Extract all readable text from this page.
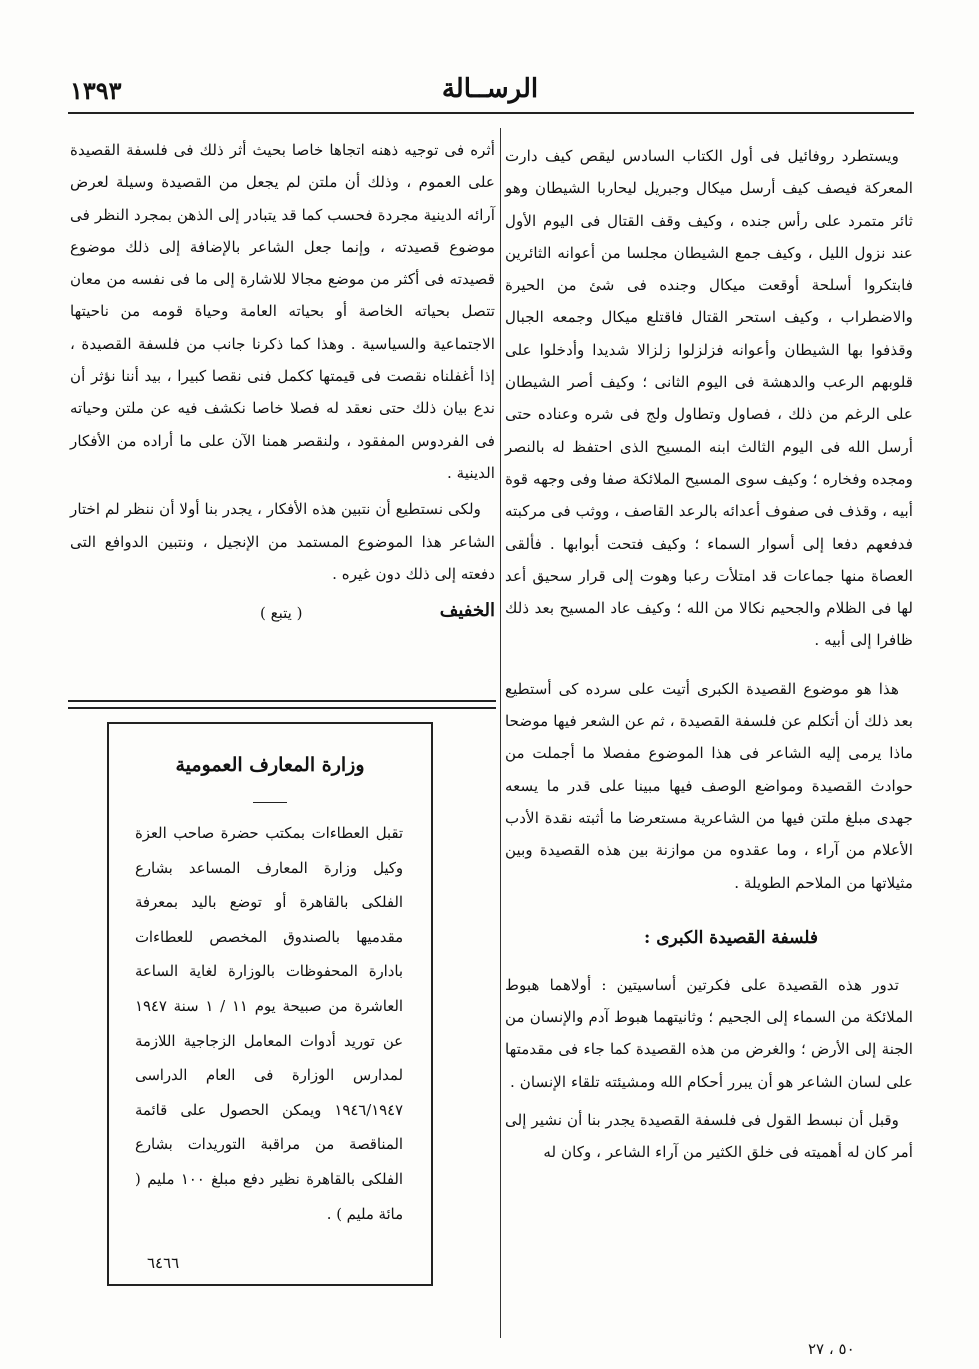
١٣٩٣	الرســالة

ويستطرد روفائيل فى أول الكتاب السادس ليقص كيف دارت المعركة فيصف كيف أرسل ميكال وجبريل ليحاربا الشيطان وهو ثائر متمرد على رأس جنده ، وكيف وقف القتال فى اليوم الأول عند نزول الليل ، وكيف جمع الشيطان مجلسا من أعوانه الثائرين فابتكروا أسلحة أوقعت ميكال وجنده فى شئ من الحيرة والاضطراب ، وكيف استحر القتال فاقتلع ميكال وجمعه الجبال وقذفوا بها الشيطان وأعوانه فزلزلوا زلزالا شديدا وأدخلوا على قلوبهم الرعب والدهشة فى اليوم الثانى ؛ وكيف أصر الشيطان على الرغم من ذلك ، فصاول وتطاول ولج فى شره وعناده حتى أرسل الله فى اليوم الثالث ابنه المسيح الذى احتفظ له بالنصر ومجده وفخاره ؛ وكيف سوى المسيح الملائكة صفا وفى وجهه قوة أبيه ، وقذف فى صفوف أعدائه بالرعد القاصف ، ووثب فى مركبته فدفعهم دفعا إلى أسوار السماء ؛ وكيف فتحت أبوابها . فألقى العصاة منها جماعات قد امتلأت رعبا وهوت إلى قرار سحيق أعد لها فى الظلام والجحيم نكالا من الله ؛ وكيف عاد المسيح بعد ذلك ظافرا إلى أبيه .

هذا هو موضوع القصيدة الكبرى أتيت على سرده كى أستطيع بعد ذلك أن أتكلم عن فلسفة القصيدة ، ثم عن الشعر فيها موضحا ماذا يرمى إليه الشاعر فى هذا الموضوع مفصلا ما أجملت من حوادث القصيدة ومواضع الوصف فيها مبينا على قدر ما يسعه جهدى مبلغ ملتن فيها من الشاعرية مستعرضا ما أثبته نقدة الأدب الأعلام من آراء ، وما عقدوه من موازنة بين هذه القصيدة وبين مثيلاتها من الملاحم الطويلة .

فلسفة القصيدة الكبرى :

تدور هذه القصيدة على فكرتين أساسيتين : أولاهما هبوط الملائكة من السماء إلى الجحيم ؛ وثانيتهما هبوط آدم والإنسان من الجنة إلى الأرض ؛ والغرض من هذه القصيدة كما جاء فى مقدمتها على لسان الشاعر هو أن يبرر أحكام الله ومشيئته تلقاء الإنسان .

وقبل أن نبسط القول فى فلسفة القصيدة يجدر بنا أن نشير إلى أمر كان له أهميته فى خلق الكثير من آراء الشاعر ، وكان له

أثره فى توجيه ذهنه اتجاها خاصا بحيث أثر ذلك فى فلسفة القصيدة على العموم ، وذلك أن ملتن لم يجعل من القصيدة وسيلة لعرض آرائه الدينية مجردة فحسب كما قد يتبادر إلى الذهن بمجرد النظر فى موضوع قصيدته ، وإنما جعل الشاعر بالإضافة إلى ذلك موضوع قصيدته فى أكثر من موضع مجالا للاشارة إلى ما فى نفسه من معان تتصل بحياته الخاصة أو بحياته العامة وحياة قومه من ناحيتها الاجتماعية والسياسية . وهذا كما ذكرنا جانب من فلسفة القصيدة ، إذا أغفلناه نقصت فى قيمتها ككمل فنى نقصا كبيرا ، بيد أننا نؤثر أن ندع بيان ذلك حتى نعقد له فصلا خاصا نكشف فيه عن ملتن وحياته فى الفردوس المفقود ، ولنقصر همنا الآن على ما أراده من الأفكار الدينية .

ولكى نستطيع أن نتبين هذه الأفكار ، يجدر بنا أولا أن ننظر لم اختار الشاعر هذا الموضوع المستمد من الإنجيل ، ونتبين الدوافع التى دفعته إلى ذلك دون غيره .

الخفيف
( يتبع )
وزارة المعارف العمومية
تقبل العطاءات بمكتب حضرة صاحب العزة وكيل وزارة المعارف المساعد بشارع الفلكى بالقاهرة أو توضع باليد بمعرفة مقدميها بالصندوق المخصص للعطاءات بادارة المحفوظات بالوزارة لغاية الساعة العاشرة من صبيحة يوم ١١ / ١ سنة ١٩٤٧ عن توريد أدوات المعامل الزجاجية اللازمة لمدارس الوزارة فى العام الدراسى ١٩٤٦/١٩٤٧ ويمكن الحصول على قائمة المناقصة من مراقبة التوريدات بشارع الفلكى بالقاهرة نظير دفع مبلغ ١٠٠ مليم ( مائة مليم ) .
٦٤٦٦
٥٠ ، ٢٧
